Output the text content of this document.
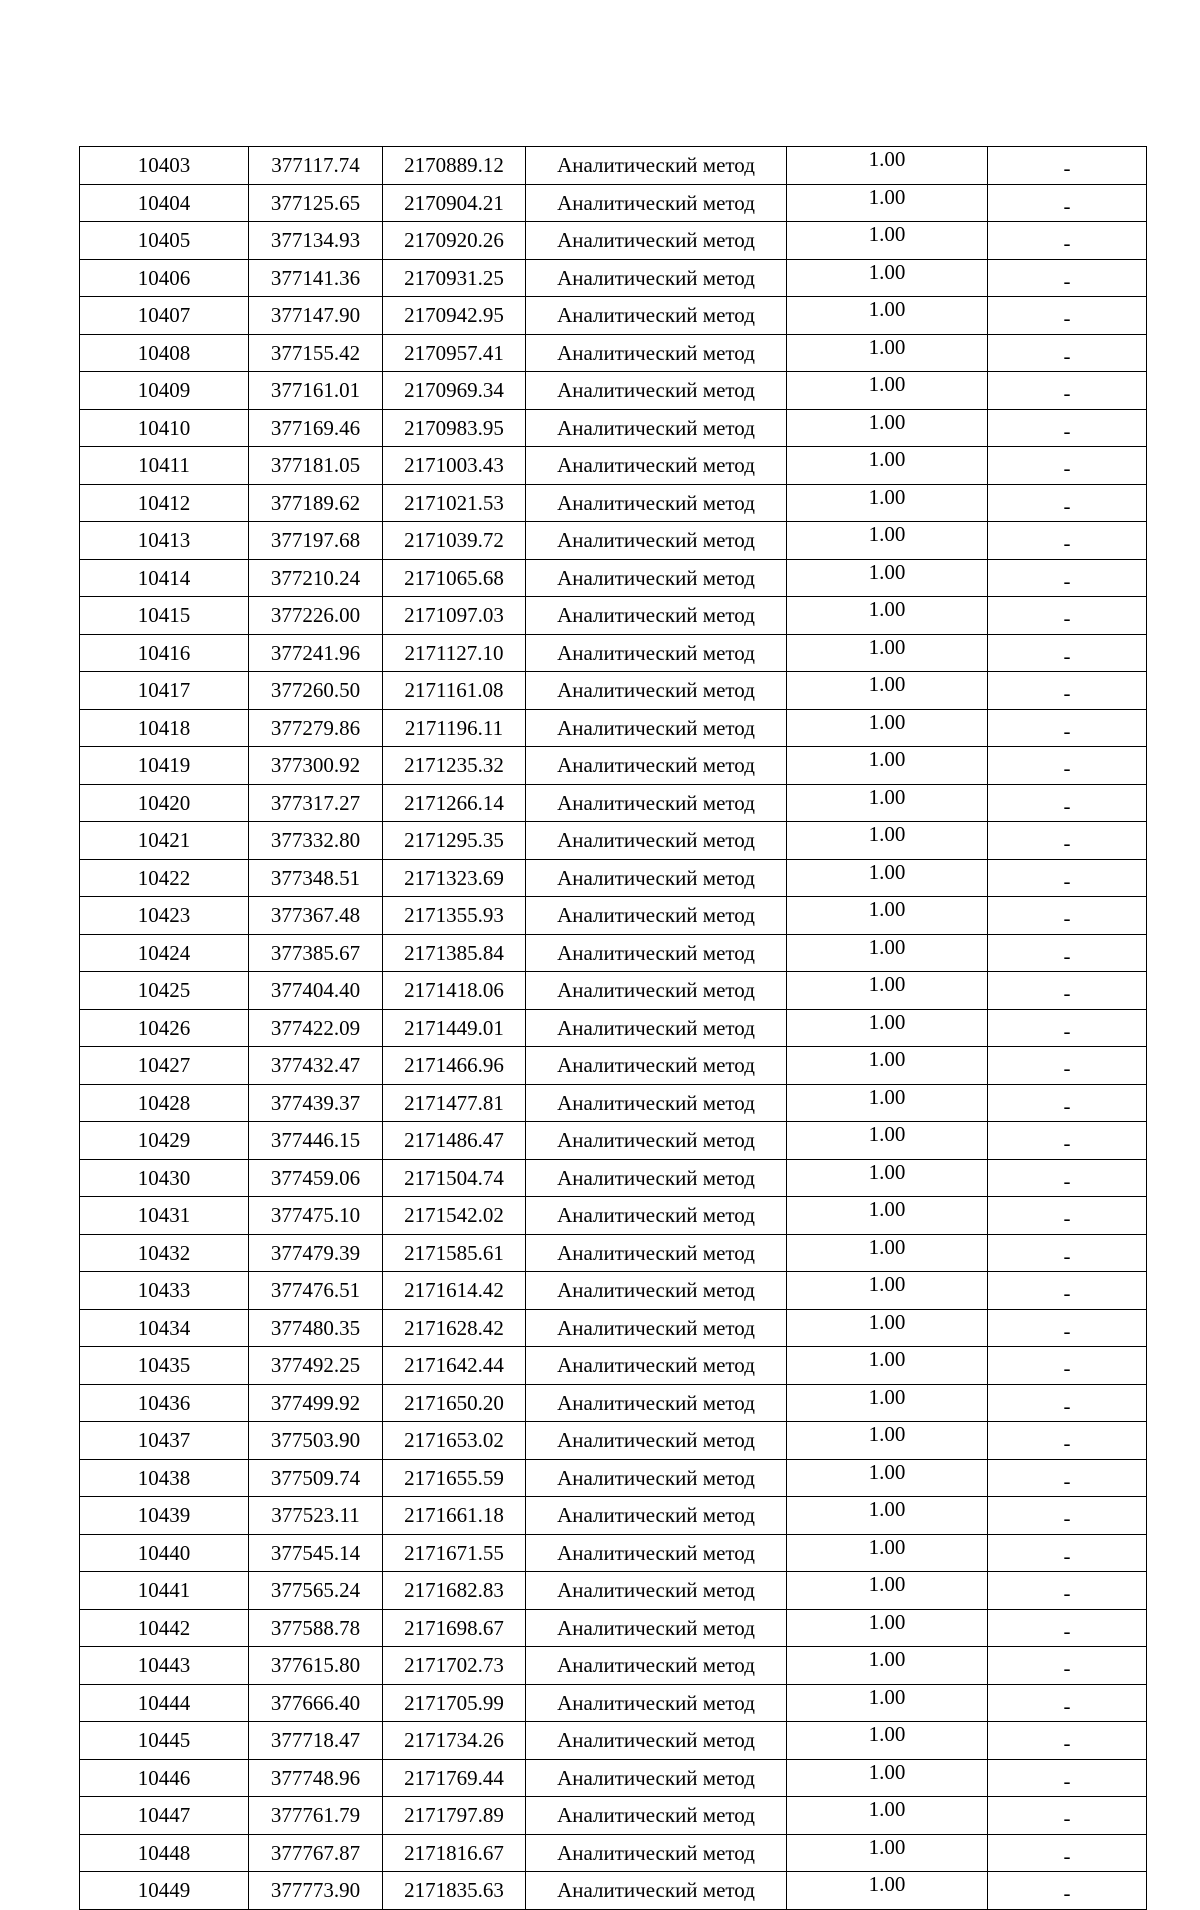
10403	377117.74	2170889.12	Аналитический метод	1.00	-
10404	377125.65	2170904.21	Аналитический метод	1.00	-
10405	377134.93	2170920.26	Аналитический метод	1.00	-
10406	377141.36	2170931.25	Аналитический метод	1.00	-
10407	377147.90	2170942.95	Аналитический метод	1.00	-
10408	377155.42	2170957.41	Аналитический метод	1.00	-
10409	377161.01	2170969.34	Аналитический метод	1.00	-
10410	377169.46	2170983.95	Аналитический метод	1.00	-
10411	377181.05	2171003.43	Аналитический метод	1.00	-
10412	377189.62	2171021.53	Аналитический метод	1.00	-
10413	377197.68	2171039.72	Аналитический метод	1.00	-
10414	377210.24	2171065.68	Аналитический метод	1.00	-
10415	377226.00	2171097.03	Аналитический метод	1.00	-
10416	377241.96	2171127.10	Аналитический метод	1.00	-
10417	377260.50	2171161.08	Аналитический метод	1.00	-
10418	377279.86	2171196.11	Аналитический метод	1.00	-
10419	377300.92	2171235.32	Аналитический метод	1.00	-
10420	377317.27	2171266.14	Аналитический метод	1.00	-
10421	377332.80	2171295.35	Аналитический метод	1.00	-
10422	377348.51	2171323.69	Аналитический метод	1.00	-
10423	377367.48	2171355.93	Аналитический метод	1.00	-
10424	377385.67	2171385.84	Аналитический метод	1.00	-
10425	377404.40	2171418.06	Аналитический метод	1.00	-
10426	377422.09	2171449.01	Аналитический метод	1.00	-
10427	377432.47	2171466.96	Аналитический метод	1.00	-
10428	377439.37	2171477.81	Аналитический метод	1.00	-
10429	377446.15	2171486.47	Аналитический метод	1.00	-
10430	377459.06	2171504.74	Аналитический метод	1.00	-
10431	377475.10	2171542.02	Аналитический метод	1.00	-
10432	377479.39	2171585.61	Аналитический метод	1.00	-
10433	377476.51	2171614.42	Аналитический метод	1.00	-
10434	377480.35	2171628.42	Аналитический метод	1.00	-
10435	377492.25	2171642.44	Аналитический метод	1.00	-
10436	377499.92	2171650.20	Аналитический метод	1.00	-
10437	377503.90	2171653.02	Аналитический метод	1.00	-
10438	377509.74	2171655.59	Аналитический метод	1.00	-
10439	377523.11	2171661.18	Аналитический метод	1.00	-
10440	377545.14	2171671.55	Аналитический метод	1.00	-
10441	377565.24	2171682.83	Аналитический метод	1.00	-
10442	377588.78	2171698.67	Аналитический метод	1.00	-
10443	377615.80	2171702.73	Аналитический метод	1.00	-
10444	377666.40	2171705.99	Аналитический метод	1.00	-
10445	377718.47	2171734.26	Аналитический метод	1.00	-
10446	377748.96	2171769.44	Аналитический метод	1.00	-
10447	377761.79	2171797.89	Аналитический метод	1.00	-
10448	377767.87	2171816.67	Аналитический метод	1.00	-
10449	377773.90	2171835.63	Аналитический метод	1.00	-
